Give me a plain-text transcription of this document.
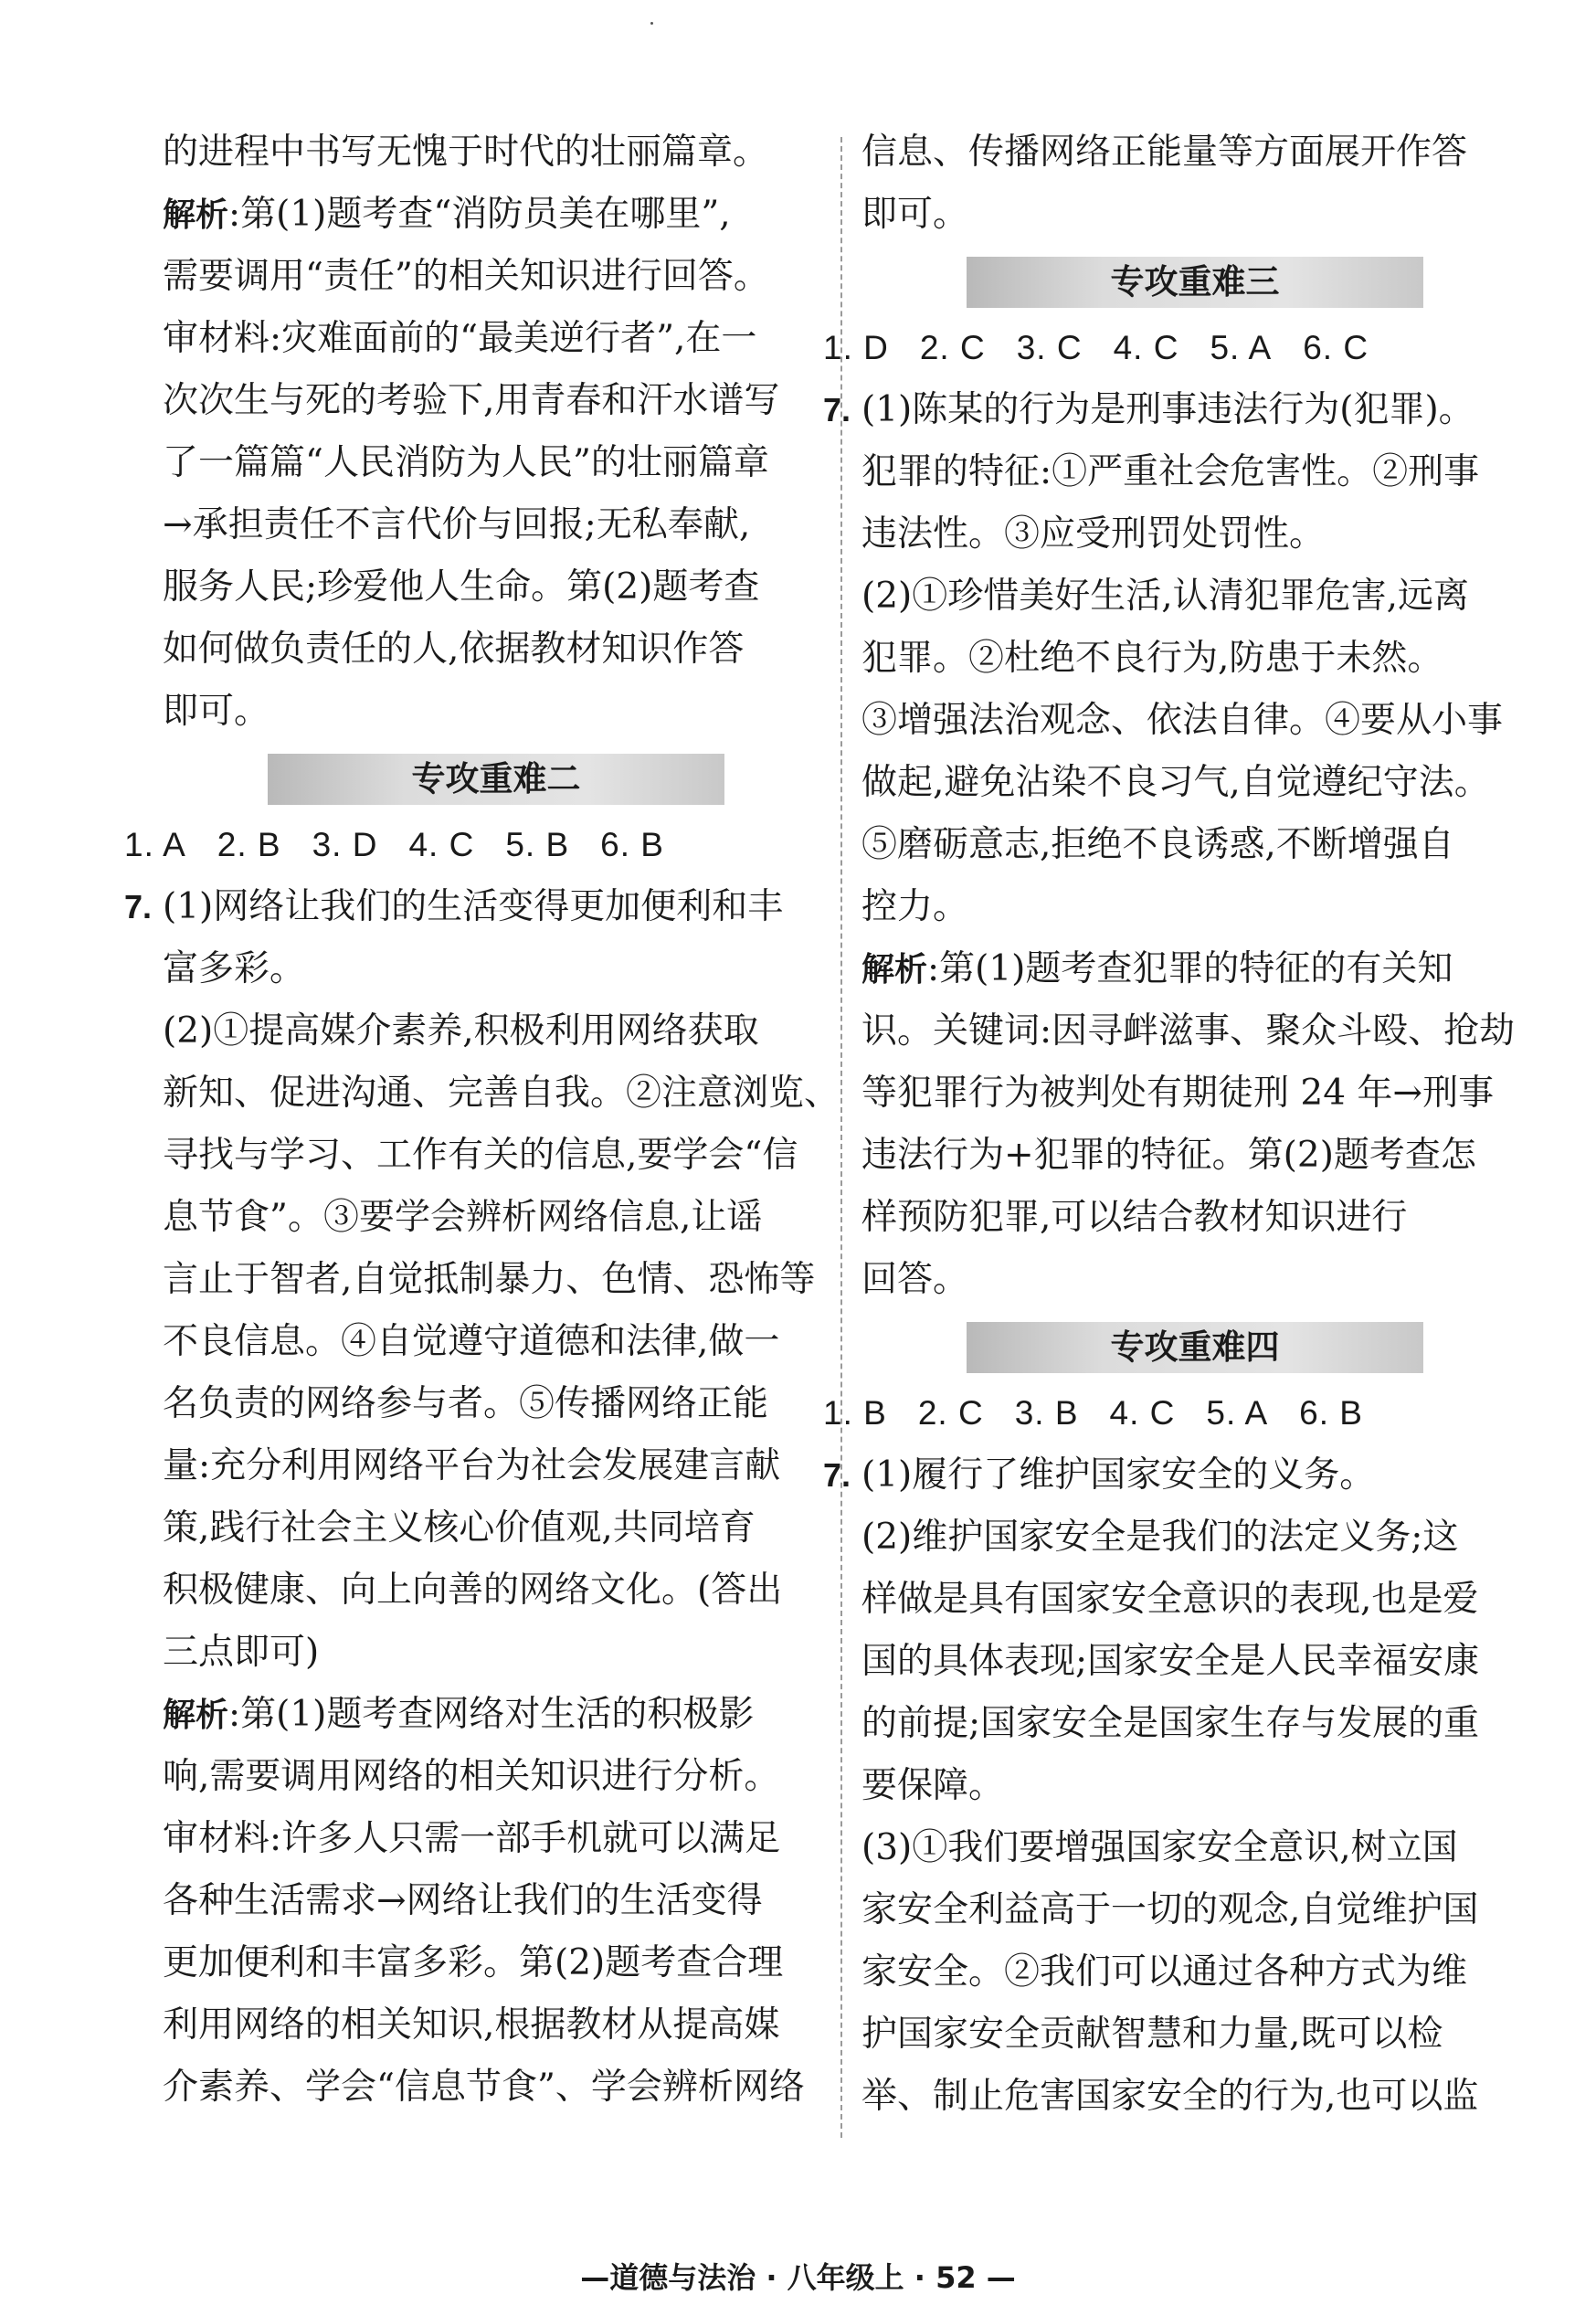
的进程中书写无愧于时代的壮丽篇章。
解析:第(1)题考查“消防员美在哪里”,
需要调用“责任”的相关知识进行回答。
审材料:灾难面前的“最美逆行者”,在一
次次生与死的考验下,用青春和汗水谱写
了一篇篇“人民消防为人民”的壮丽篇章
→承担责任不言代价与回报;无私奉献,
服务人民;珍爱他人生命。第(2)题考查
如何做负责任的人,依据教材知识作答
即可。
专攻重难二
1. A 2. B 3. D 4. C 5. B 6. B
7. (1)网络让我们的生活变得更加便利和丰
富多彩。
(2)①提高媒介素养,积极利用网络获取
新知、促进沟通、完善自我。②注意浏览、
寻找与学习、工作有关的信息,要学会“信
息节食”。③要学会辨析网络信息,让谣
言止于智者,自觉抵制暴力、色情、恐怖等
不良信息。④自觉遵守道德和法律,做一
名负责的网络参与者。⑤传播网络正能
量:充分利用网络平台为社会发展建言献
策,践行社会主义核心价值观,共同培育
积极健康、向上向善的网络文化。(答出
三点即可)
解析:第(1)题考查网络对生活的积极影
响,需要调用网络的相关知识进行分析。
审材料:许多人只需一部手机就可以满足
各种生活需求→网络让我们的生活变得
更加便利和丰富多彩。第(2)题考查合理
利用网络的相关知识,根据教材从提高媒
介素养、学会“信息节食”、学会辨析网络
信息、传播网络正能量等方面展开作答
即可。
专攻重难三
1. D 2. C 3. C 4. C 5. A 6. C
7. (1)陈某的行为是刑事违法行为(犯罪)。
犯罪的特征:①严重社会危害性。②刑事
违法性。③应受刑罚处罚性。
(2)①珍惜美好生活,认清犯罪危害,远离
犯罪。②杜绝不良行为,防患于未然。
③增强法治观念、依法自律。④要从小事
做起,避免沾染不良习气,自觉遵纪守法。
⑤磨砺意志,拒绝不良诱惑,不断增强自
控力。
解析:第(1)题考查犯罪的特征的有关知
识。关键词:因寻衅滋事、聚众斗殴、抢劫
等犯罪行为被判处有期徒刑 24 年→刑事
违法行为+犯罪的特征。第(2)题考查怎
样预防犯罪,可以结合教材知识进行
回答。
专攻重难四
1. B 2. C 3. B 4. C 5. A 6. B
7. (1)履行了维护国家安全的义务。
(2)维护国家安全是我们的法定义务;这
样做是具有国家安全意识的表现,也是爱
国的具体表现;国家安全是人民幸福安康
的前提;国家安全是国家生存与发展的重
要保障。
(3)①我们要增强国家安全意识,树立国
家安全利益高于一切的观念,自觉维护国
家安全。②我们可以通过各种方式为维
护国家安全贡献智慧和力量,既可以检
举、制止危害国家安全的行为,也可以监
—道德与法治 · 八年级上 · 52 —
